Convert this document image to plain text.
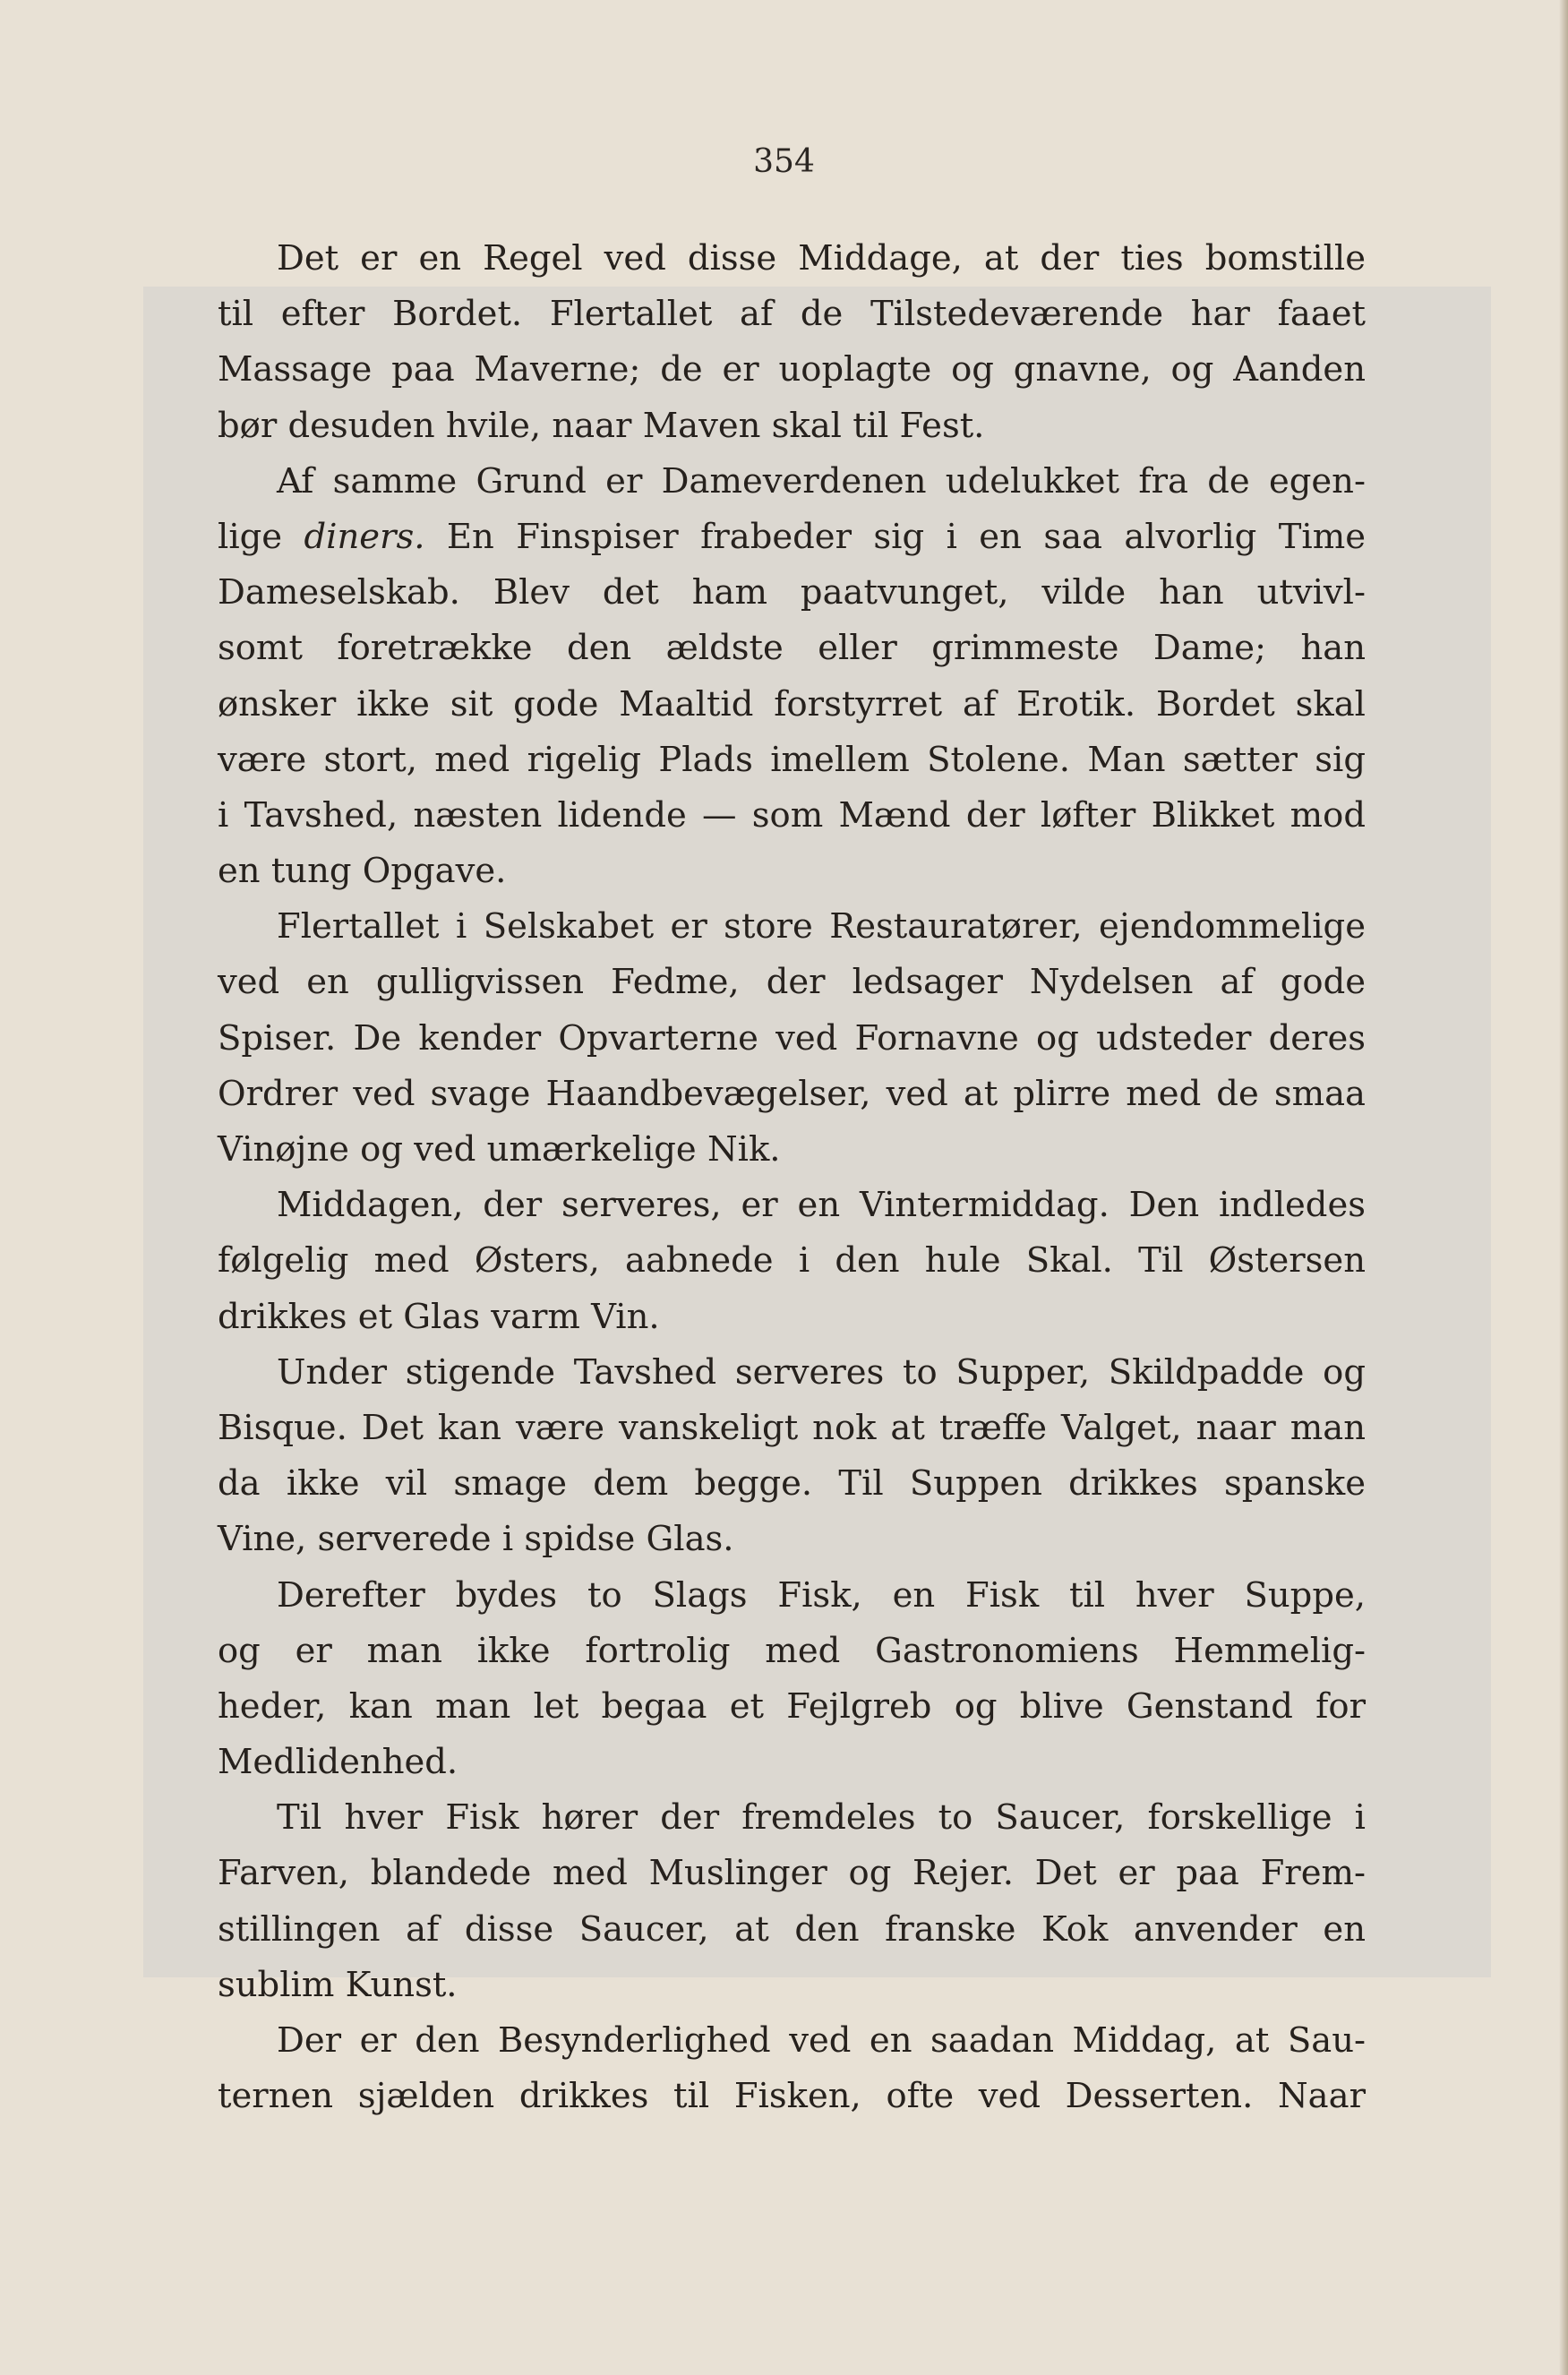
354
Det er en Regel ved disse Middage, at der ties bomstille
til efter Bordet. Flertallet af de Tilstedeværende har faaet
Massage paa Maverne; de er uoplagte og gnavne, og Aanden
bør desuden hvile, naar Maven skal til Fest.
Af samme Grund er Dameverdenen udelukket fra de egen-
lige diners. En Finspiser frabeder sig i en saa alvorlig Time
Dameselskab. Blev det ham paatvunget, vilde han utvivl-
somt foretrække den ældste eller grimmeste Dame; han
ønsker ikke sit gode Maaltid forstyrret af Erotik. Bordet skal
være stort, med rigelig Plads imellem Stolene. Man sætter sig
i Tavshed, næsten lidende — som Mænd der løfter Blikket mod
en tung Opgave.
Flertallet i Selskabet er store Restauratører, ejendommelige
ved en gulligvissen Fedme, der ledsager Nydelsen af gode
Spiser. De kender Opvarterne ved Fornavne og udsteder deres
Ordrer ved svage Haandbevægelser, ved at plirre med de smaa
Vinøjne og ved umærkelige Nik.
Middagen, der serveres, er en Vintermiddag. Den indledes
følgelig med Østers, aabnede i den hule Skal. Til Østersen
drikkes et Glas varm Vin.
Under stigende Tavshed serveres to Supper, Skildpadde og
Bisque. Det kan være vanskeligt nok at træffe Valget, naar man
da ikke vil smage dem begge. Til Suppen drikkes spanske
Vine, serverede i spidse Glas.
Derefter bydes to Slags Fisk, en Fisk til hver Suppe,
og er man ikke fortrolig med Gastronomiens Hemmelig-
heder, kan man let begaa et Fejlgreb og blive Genstand for
Medlidenhed.
Til hver Fisk hører der fremdeles to Saucer, forskellige i
Farven, blandede med Muslinger og Rejer. Det er paa Frem-
stillingen af disse Saucer, at den franske Kok anvender en
sublim Kunst.
Der er den Besynderlighed ved en saadan Middag, at Sau-
ternen sjælden drikkes til Fisken, ofte ved Desserten. Naar
